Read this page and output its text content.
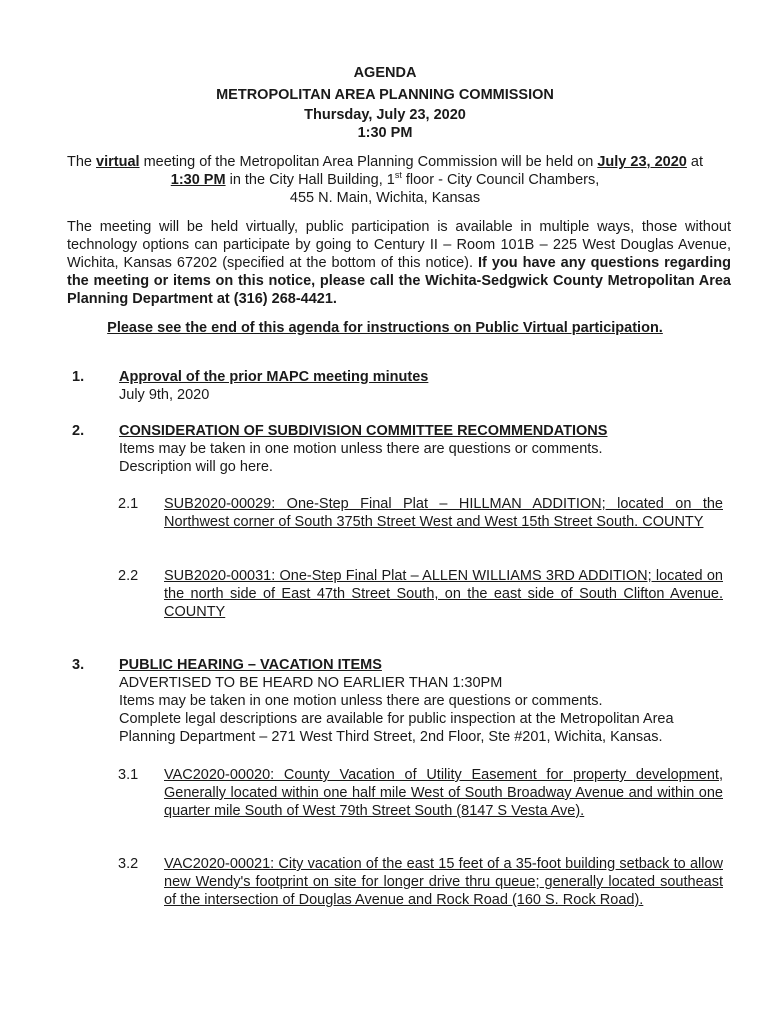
AGENDA
METROPOLITAN AREA PLANNING COMMISSION
Thursday, July 23, 2020
1:30 PM
The virtual meeting of the Metropolitan Area Planning Commission will be held on July 23, 2020 at
1:30 PM in the City Hall Building, 1st floor - City Council Chambers,
455 N. Main, Wichita, Kansas
The meeting will be held virtually, public participation is available in multiple ways, those without technology options can participate by going to Century II – Room 101B – 225 West Douglas Avenue, Wichita, Kansas 67202 (specified at the bottom of this notice). If you have any questions regarding the meeting or items on this notice, please call the Wichita-Sedgwick County Metropolitan Area Planning Department at (316) 268-4421.
Please see the end of this agenda for instructions on Public Virtual participation.
1. Approval of the prior MAPC meeting minutes
July 9th, 2020
2. CONSIDERATION OF SUBDIVISION COMMITTEE RECOMMENDATIONS
Items may be taken in one motion unless there are questions or comments.
Description will go here.
2.1 SUB2020-00029: One-Step Final Plat – HILLMAN ADDITION; located on the Northwest corner of South 375th Street West and West 15th Street South. COUNTY
2.2 SUB2020-00031: One-Step Final Plat – ALLEN WILLIAMS 3RD ADDITION; located on the north side of East 47th Street South, on the east side of South Clifton Avenue. COUNTY
3. PUBLIC HEARING – VACATION ITEMS
ADVERTISED TO BE HEARD NO EARLIER THAN 1:30PM
Items may be taken in one motion unless there are questions or comments.
Complete legal descriptions are available for public inspection at the Metropolitan Area Planning Department – 271 West Third Street, 2nd Floor, Ste #201, Wichita, Kansas.
3.1 VAC2020-00020: County Vacation of Utility Easement for property development, Generally located within one half mile West of South Broadway Avenue and within one quarter mile South of West 79th Street South (8147 S Vesta Ave).
3.2 VAC2020-00021: City vacation of the east 15 feet of a 35-foot building setback to allow new Wendy's footprint on site for longer drive thru queue; generally located southeast of the intersection of Douglas Avenue and Rock Road (160 S. Rock Road).
